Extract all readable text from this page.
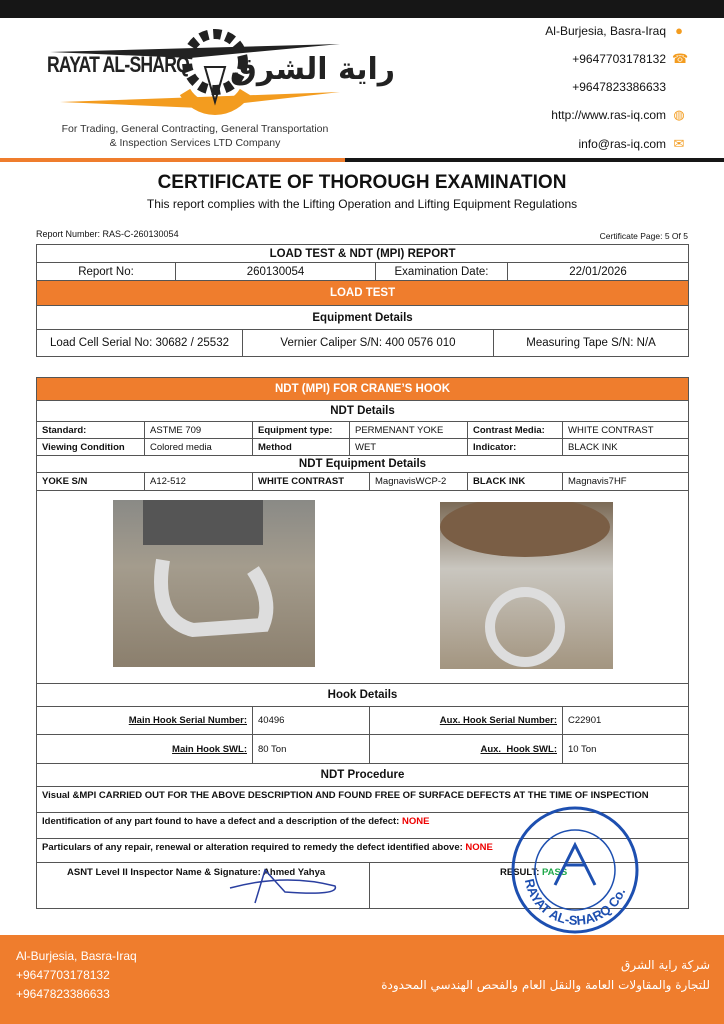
RAYAT AL-SHARQ راية الشرق
For Trading, General Contracting, General Transportation
& Inspection Services LTD Company
Al-Burjesia, Basra-Iraq ●
+9647703178132 ☎
+9647823386633
http://www.ras-iq.com ◍
info@ras-iq.com ✉
CERTIFICATE OF THOROUGH EXAMINATION
This report complies with the Lifting Operation and Lifting Equipment Regulations
Report Number: RAS-C-260130054	Certificate Page: 5 Of 5
LOAD TEST & NDT (MPI) REPORT					
Report No:	260130054		Examination Date:		22/01/2026
LOAD TEST					
Equipment Details					
Load Cell Serial No: 30682 / 25532		Vernier Caliper S/N: 400 0576 010		Measuring Tape S/N: N/A	
NDT (MPI) FOR CRANE’S HOOK						
NDT Details						
Standard:	ASTME 709	Equipment type:	PERMENANT YOKE		Contrast Media:	WHITE CONTRAST
Viewing Condition	Colored media	Method	WET		Indicator:	BLACK INK
NDT Equipment Details						
YOKE S/N	A12-512	WHITE CONTRAST		MagnavisWCP-2	BLACK INK	Magnavis7HF

Hook Details						
Main Hook Serial Number:		40496		Aux. Hook Serial Number:		C22901
Main Hook SWL:		80 Ton		Aux.  Hook SWL:		10 Ton
NDT Procedure						
Visual &MPI CARRIED OUT FOR THE ABOVE DESCRIPTION AND FOUND FREE OF SURFACE DEFECTS AT THE TIME OF INSPECTION						
Identification of any part found to have a defect and a description of the defect: NONE						
Particulars of any repair, renewal or alteration required to remedy the defect identified above: NONE						
ASNT Level II Inspector Name & Signature: Ahmed Yahya				RESULT: PASS		
RAYAT AL-SHARQ Co.
Al-Burjesia, Basra-Iraq
+9647703178132
+9647823386633
شركة راية الشرق
للتجارة والمقاولات العامة والنقل العام والفحص الهندسي المحدودة
